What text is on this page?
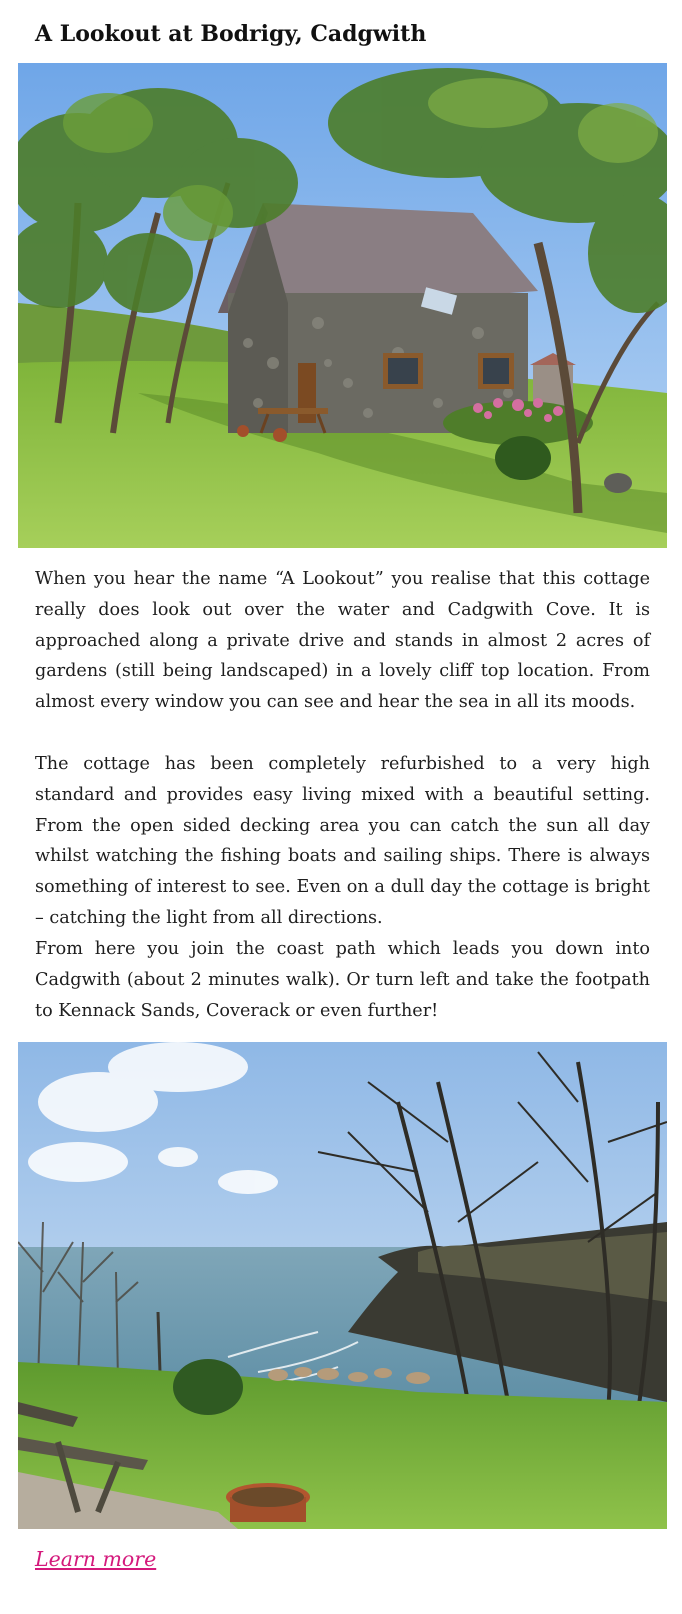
A Lookout at Bodrigy, Cadgwith

When you hear the name “A Lookout” you realise that this cottage really does look out over the water and Cadgwith Cove. It is approached along a private drive and stands in almost 2 acres of gardens (still being landscaped) in a lovely cliff top location. From almost every window you can see and hear the sea in all its moods.

The cottage has been completely refurbished to a very high standard and provides easy living mixed with a beautiful setting. From the open sided decking area you can catch the sun all day whilst watching the fishing boats and sailing ships. There is always something of interest to see. Even on a dull day the cottage is bright – catching the light from all directions.

From here you join the coast path which leads you down into Cadgwith (about 2 minutes walk). Or turn left and take the footpath to Kennack Sands, Coverack or even further!

Learn more
